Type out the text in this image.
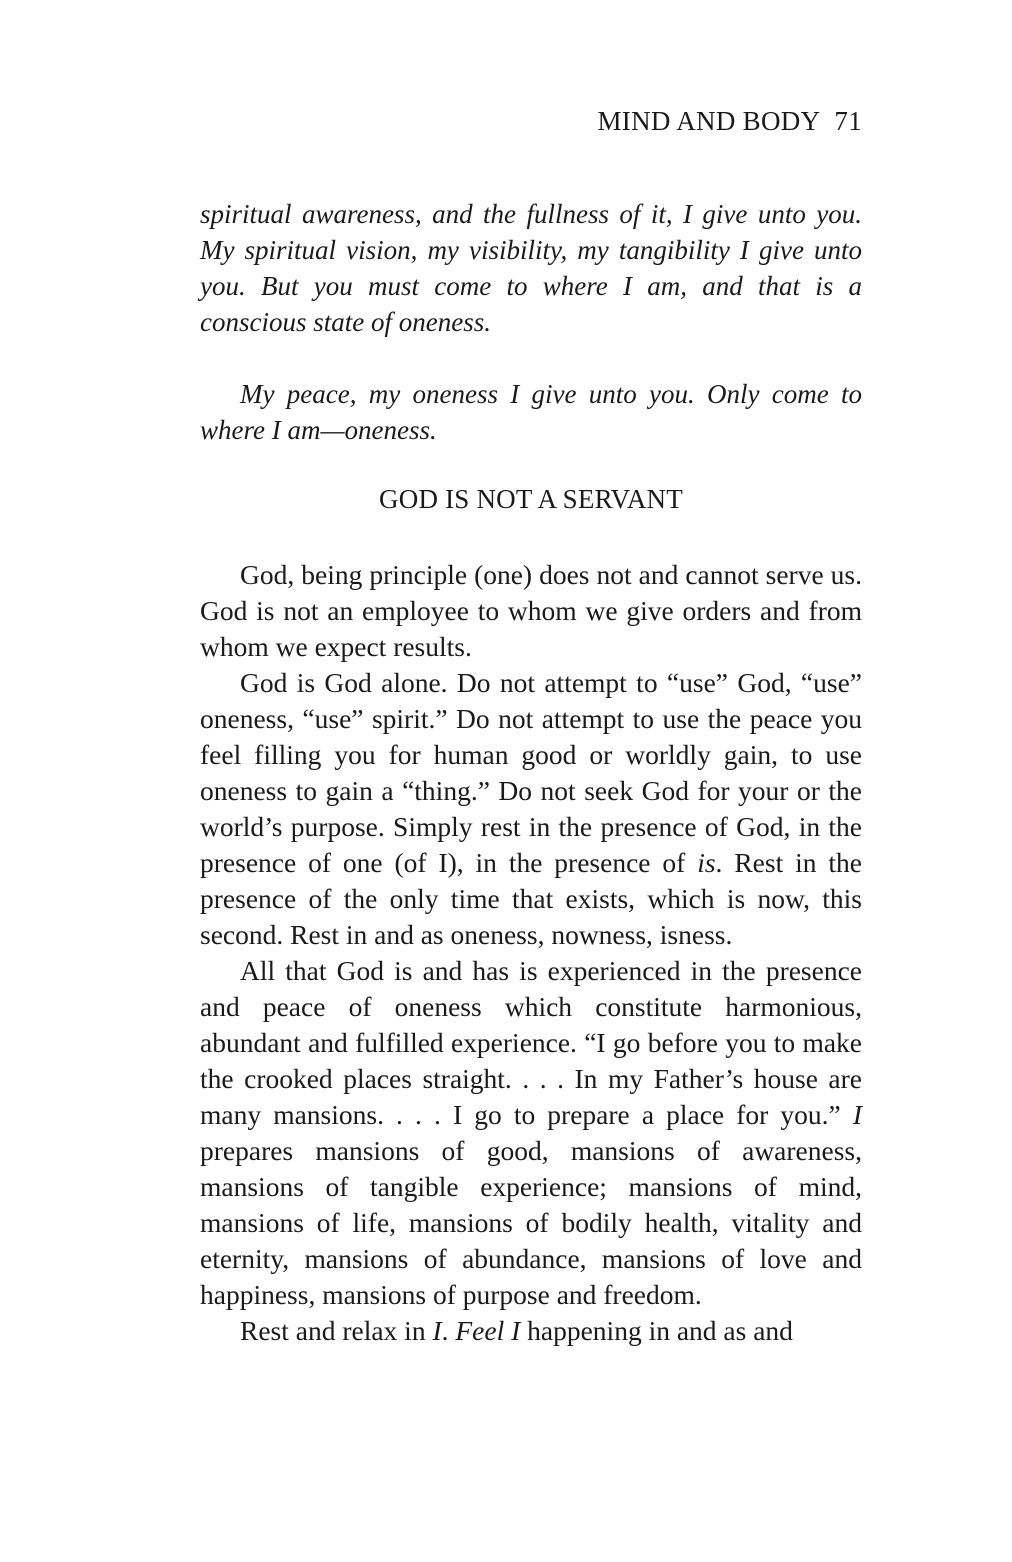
MIND AND BODY 71

spiritual awareness, and the fullness of it, I give unto you. My spiritual vision, my visibility, my tangibility I give unto you. But you must come to where I am, and that is a conscious state of oneness.

My peace, my oneness I give unto you. Only come to where I am—oneness.

GOD IS NOT A SERVANT

God, being principle (one) does not and cannot serve us. God is not an employee to whom we give orders and from whom we expect results.

God is God alone. Do not attempt to “use” God, “use” oneness, “use” spirit.” Do not attempt to use the peace you feel filling you for human good or worldly gain, to use oneness to gain a “thing.” Do not seek God for your or the world’s purpose. Simply rest in the presence of God, in the presence of one (of I), in the presence of is. Rest in the presence of the only time that exists, which is now, this second. Rest in and as oneness, nowness, isness.

All that God is and has is experienced in the presence and peace of oneness which constitute harmonious, abundant and fulfilled experience. “I go before you to make the crooked places straight. . . . In my Father’s house are many mansions. . . . I go to prepare a place for you.” I prepares mansions of good, mansions of awareness, mansions of tangible experience; mansions of mind, mansions of life, mansions of bodily health, vitality and eternity, mansions of abundance, mansions of love and happiness, mansions of purpose and freedom.

Rest and relax in I. Feel I happening in and as and
